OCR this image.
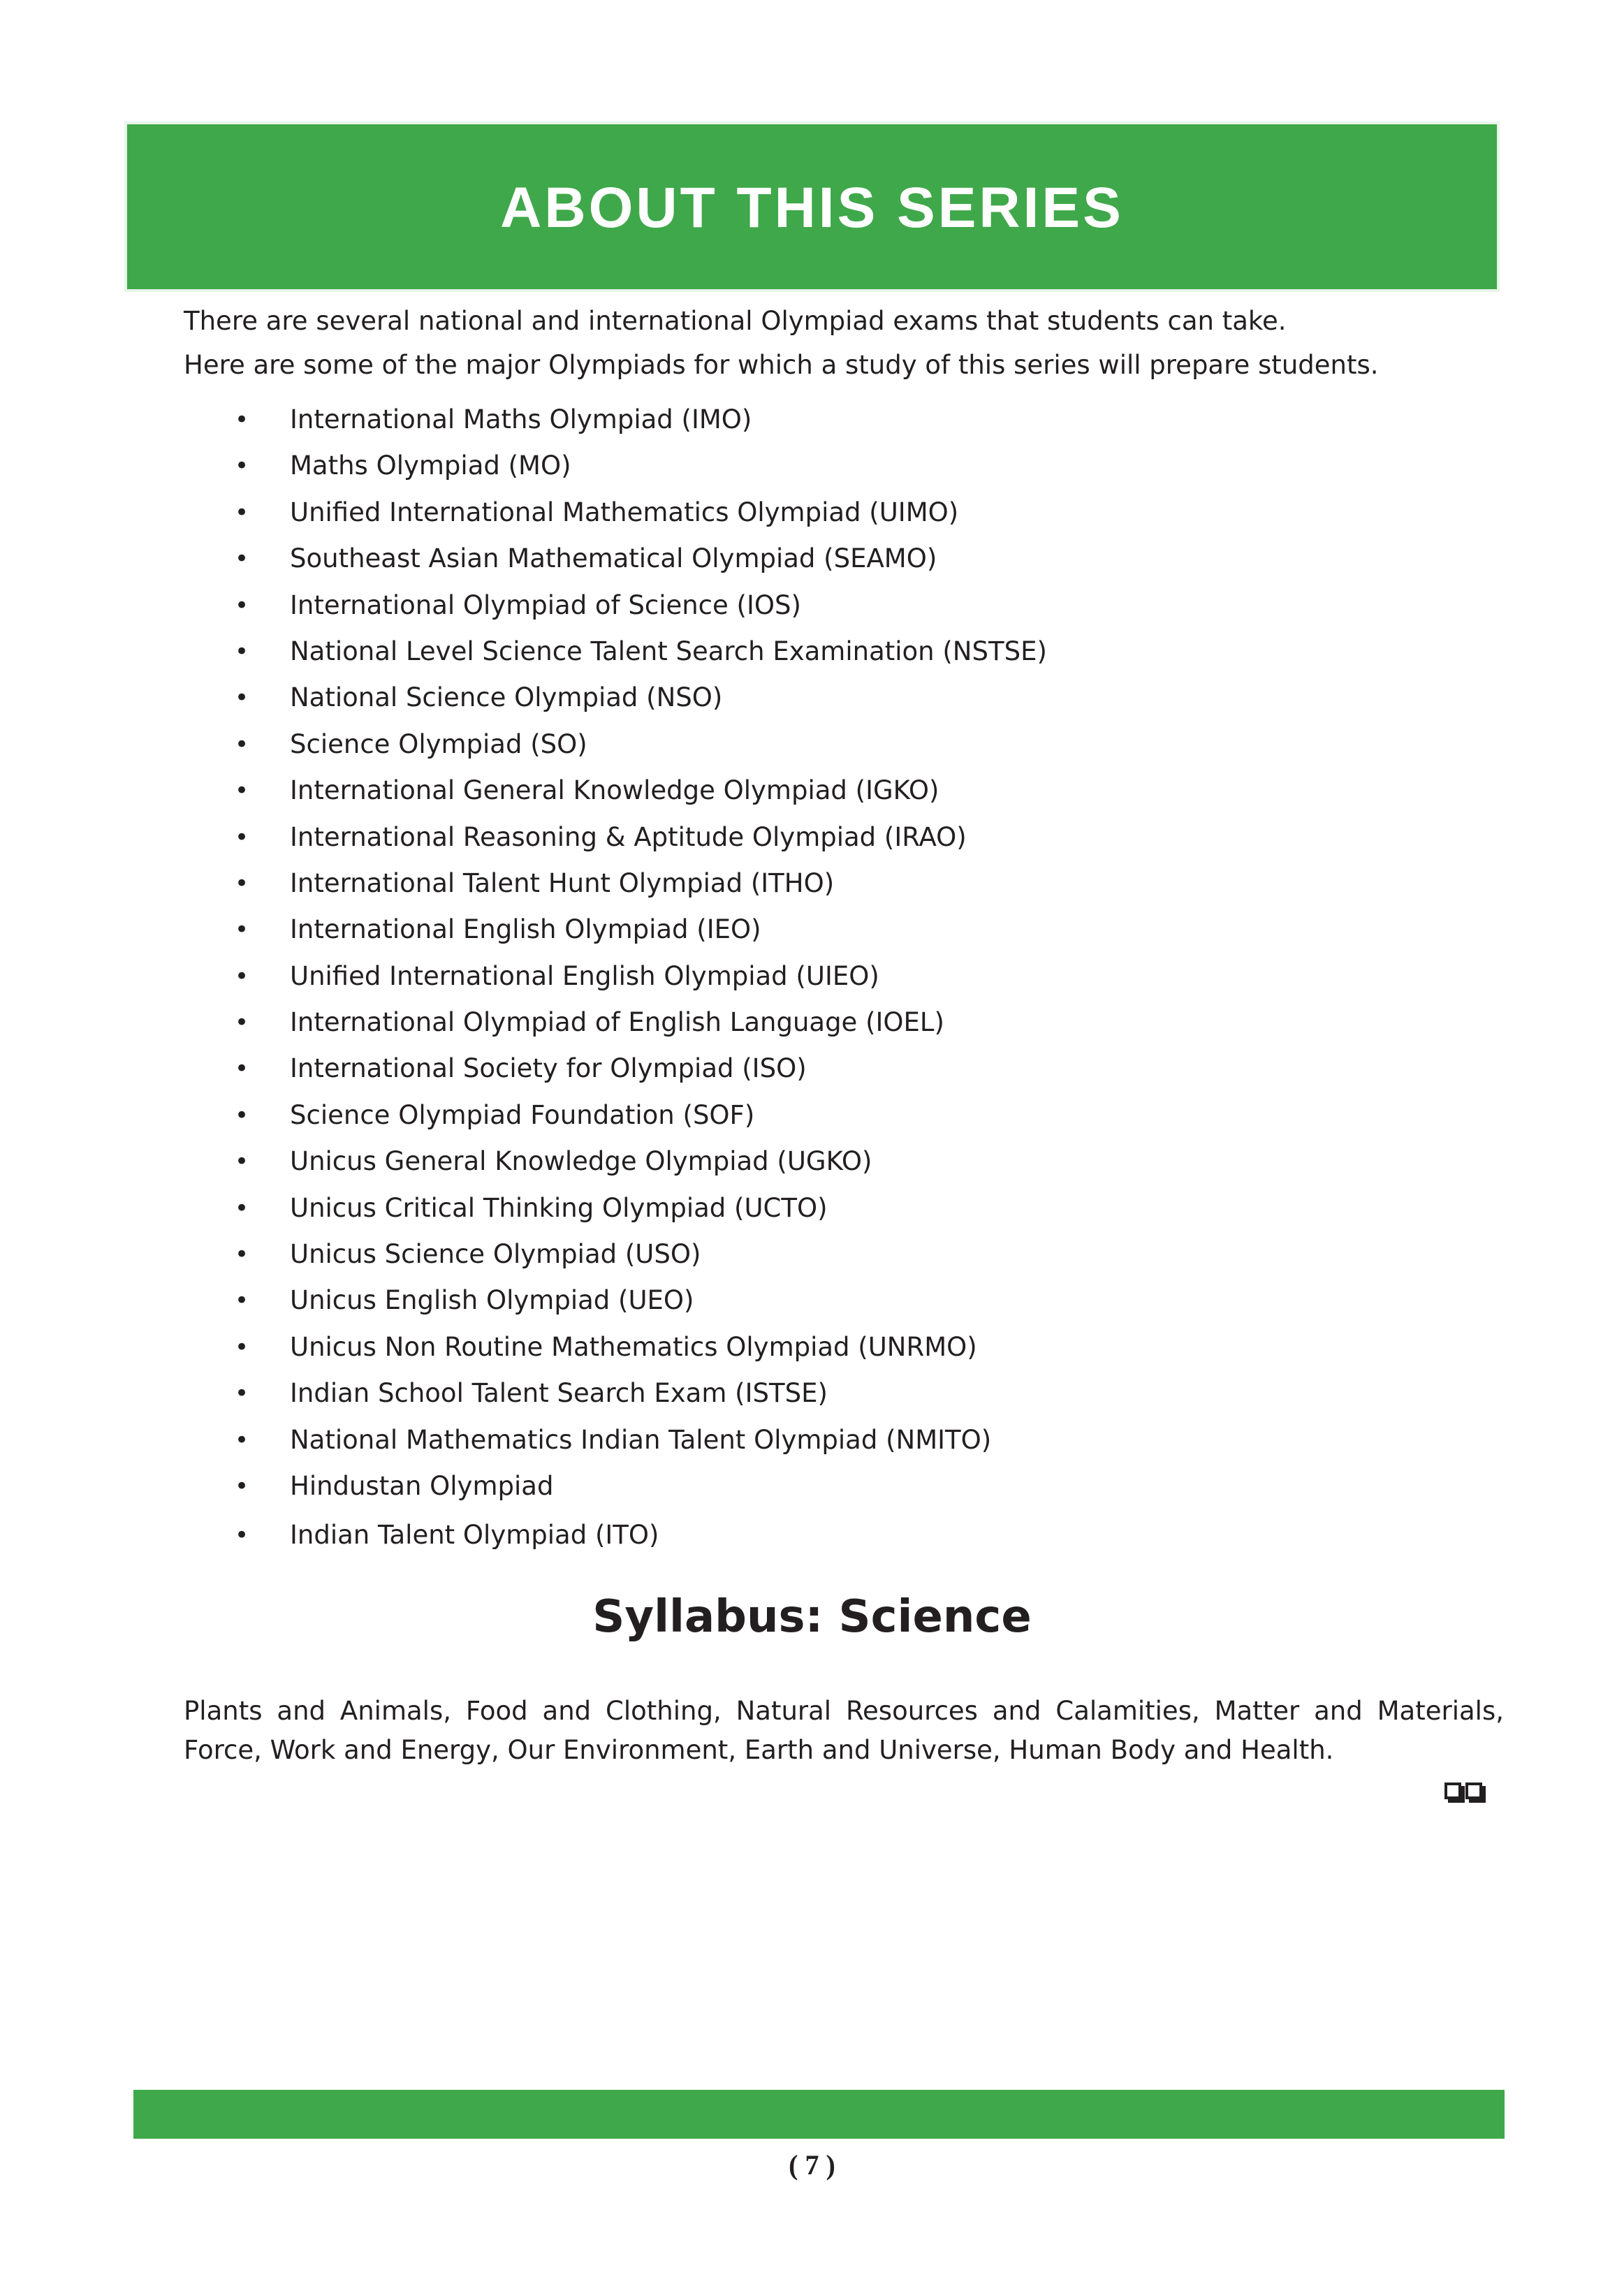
ABOUT THIS SERIES

There are several national and international Olympiad exams that students can take.

Here are some of the major Olympiads for which a study of this series will prepare students.

• International Maths Olympiad (IMO)
• Maths Olympiad (MO)
• Unified International Mathematics Olympiad (UIMO)
• Southeast Asian Mathematical Olympiad (SEAMO)
• International Olympiad of Science (IOS)
• National Level Science Talent Search Examination (NSTSE)
• National Science Olympiad (NSO)
• Science Olympiad (SO)
• International General Knowledge Olympiad (IGKO)
• International Reasoning & Aptitude Olympiad (IRAO)
• International Talent Hunt Olympiad (ITHO)
• International English Olympiad (IEO)
• Unified International English Olympiad (UIEO)
• International Olympiad of English Language (IOEL)
• International Society for Olympiad (ISO)
• Science Olympiad Foundation (SOF)
• Unicus General Knowledge Olympiad (UGKO)
• Unicus Critical Thinking Olympiad (UCTO)
• Unicus Science Olympiad (USO)
• Unicus English Olympiad (UEO)
• Unicus Non Routine Mathematics Olympiad (UNRMO)
• Indian School Talent Search Exam (ISTSE)
• National Mathematics Indian Talent Olympiad (NMITO)
• Hindustan Olympiad
• Indian Talent Olympiad (ITO)
Syllabus: Science

Plants and Animals, Food and Clothing, Natural Resources and Calamities, Matter and Materials, Force, Work and Energy, Our Environment, Earth and Universe, Human Body and Health.

( 7 )
